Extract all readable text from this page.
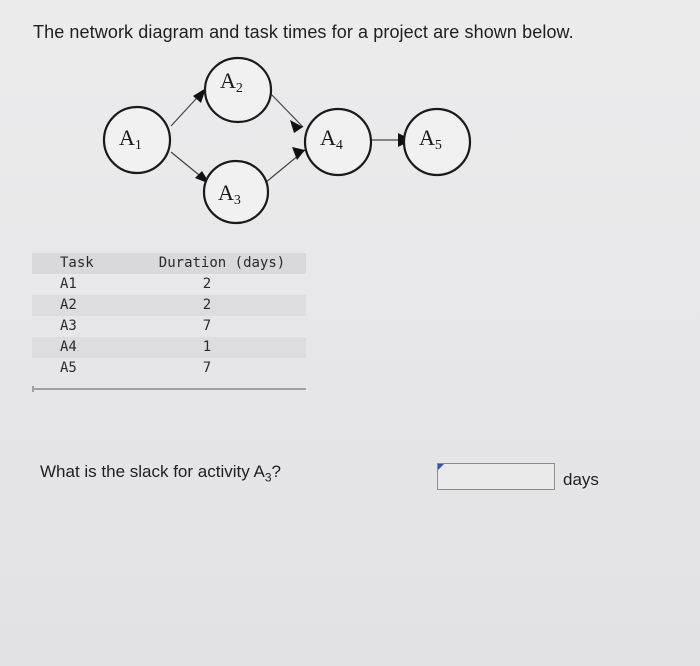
The network diagram and task times for a project are shown below.
A1
A2
A3
A4	A5
Task	Duration (days)
A1	2
A2	2
A3	7
A4	1
A5	7
What is the slack for activity $A_3$?	days
